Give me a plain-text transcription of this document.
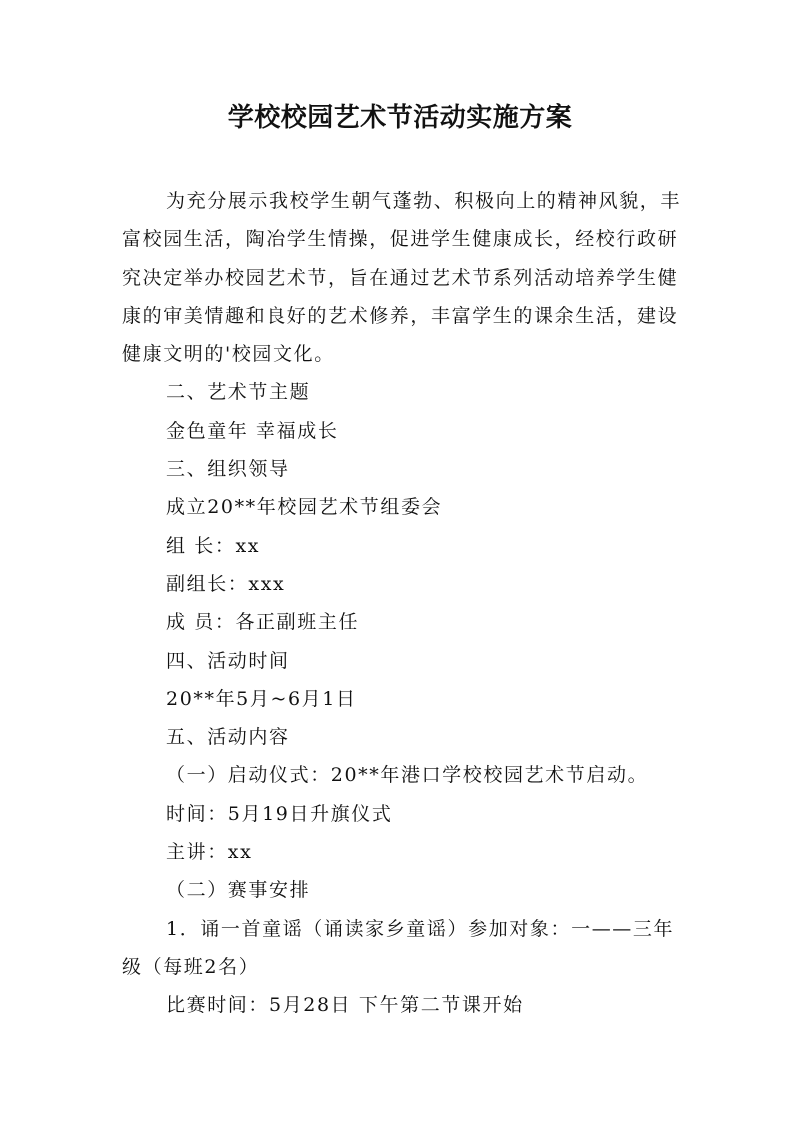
学校校园艺术节活动实施方案

为充分展示我校学生朝气蓬勃、积极向上的精神风貌，丰富校园生活，陶冶学生情操，促进学生健康成长，经校行政研究决定举办校园艺术节，旨在通过艺术节系列活动培养学生健康的审美情趣和良好的艺术修养，丰富学生的课余生活，建设健康文明的'校园文化。

二、艺术节主题

金色童年 幸福成长

三、组织领导

成立20**年校园艺术节组委会

组 长：xx

副组长：xxx

成 员：各正副班主任

四、活动时间

20**年5月~6月1日

五、活动内容

（一）启动仪式：20**年港口学校校园艺术节启动。

时间：5月19日升旗仪式

主讲：xx

（二）赛事安排

1．诵一首童谣（诵读家乡童谣）参加对象：一——三年级（每班2名）

比赛时间：5月28日 下午第二节课开始
